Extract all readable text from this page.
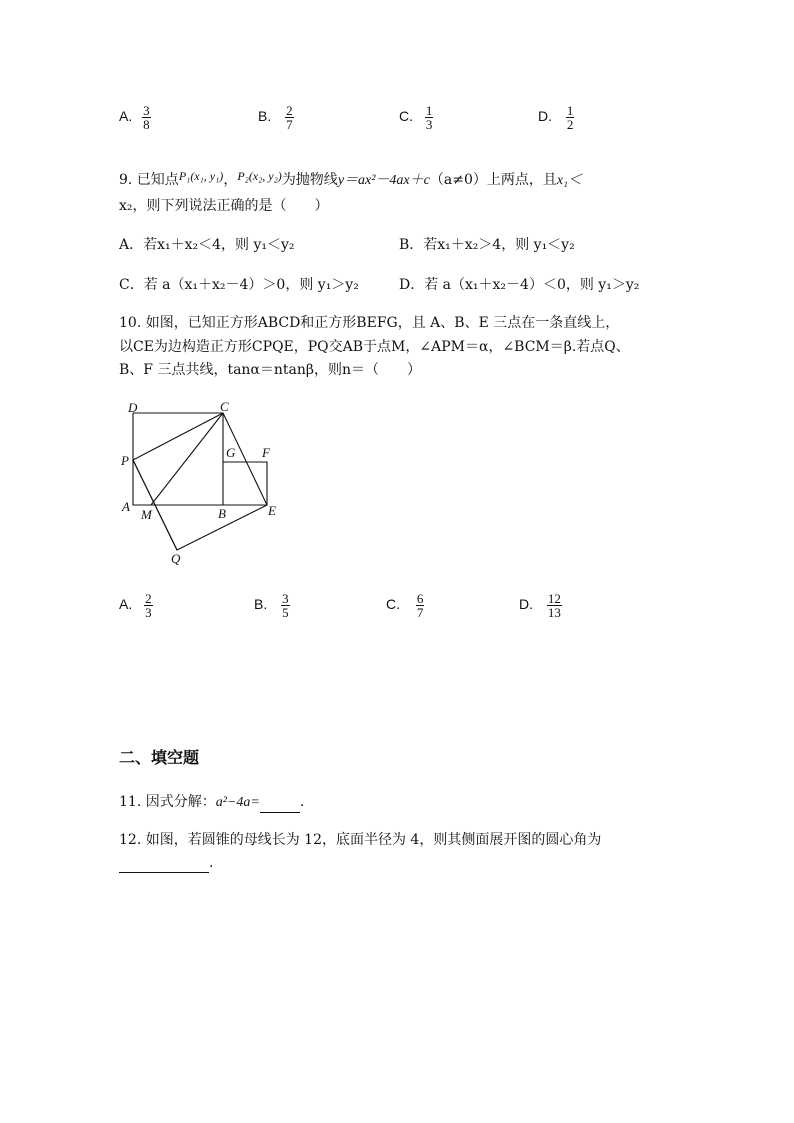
A. $\frac{3}{8}$	B. $\frac{2}{7}$	C. $\frac{1}{3}$	D. $\frac{1}{2}$
9. 已知点P₁(x₁, y₁)，P₂(x₂, y₂)为抛物线y＝ax²－4ax＋c（a≠0）上两点，且x₁＜
x₂，则下列说法正确的是（　　）
A．若x₁＋x₂＜4，则 y₁＜y₂	B．若x₁＋x₂＞4，则 y₁＜y₂
C．若 a（x₁＋x₂－4）＞0，则 y₁＞y₂	D．若 a（x₁＋x₂－4）＜0，则 y₁＞y₂
10. 如图，已知正方形ABCD和正方形BEFG，且 A、B、E 三点在一条直线上，
以CE为边构造正方形CPQE，PQ交AB于点M，∠APM＝α，∠BCM＝β.若点Q、
B、F 三点共线，tanα＝ntanβ，则n＝（　　）
D	C
P
G F
A
M	B	E
Q
A. $\frac{2}{3}$	B. $\frac{3}{5}$	C. $\frac{6}{7}$	D. $\frac{12}{13}$
二、填空题
11. 因式分解：a²−4a=	.
12. 如图，若圆锥的母线长为 12，底面半径为 4，则其侧面展开图的圆心角为
.
